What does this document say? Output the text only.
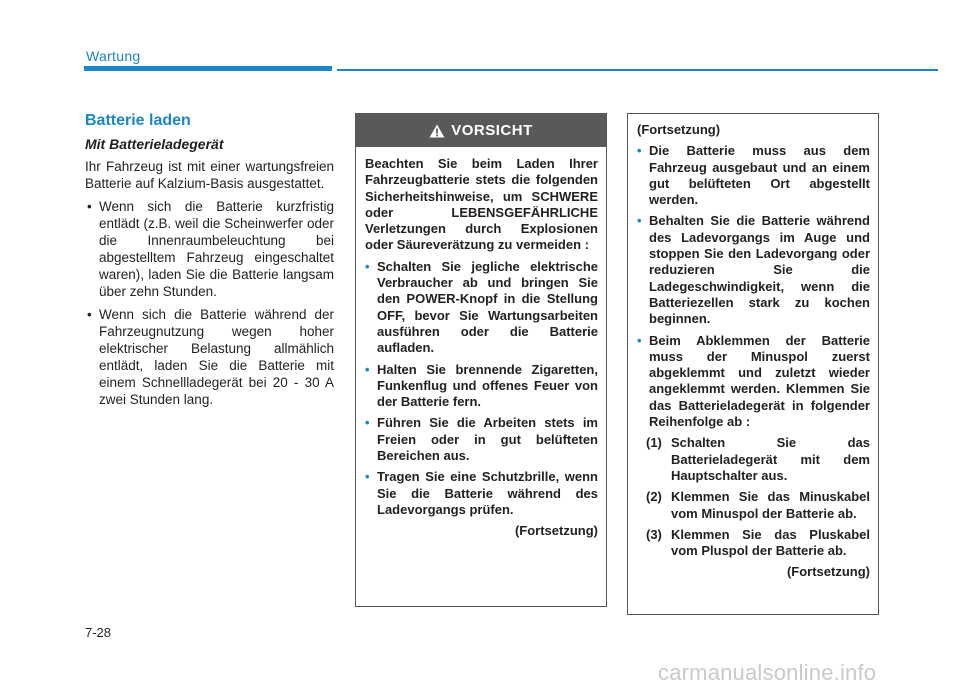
Wartung
Batterie laden
Mit Batterieladegerät

Ihr Fahrzeug ist mit einer wartungsfreien Batterie auf Kalzium-Basis ausgestattet.

• Wenn sich die Batterie kurzfristig entlädt (z.B. weil die Scheinwerfer oder die Innenraumbeleuchtung bei abgestelltem Fahrzeug eingeschaltet waren), laden Sie die Batterie langsam über zehn Stunden.
• Wenn sich die Batterie während der Fahrzeugnutzung wegen hoher elektrischer Belastung allmählich entlädt, laden Sie die Batterie mit einem Schnellladegerät bei 20 - 30 A zwei Stunden lang.
VORSICHT

Beachten Sie beim Laden Ihrer Fahrzeugbatterie stets die folgenden Sicherheitshinweise, um SCHWERE oder LEBENSGEFÄHRLICHE Verletzungen durch Explosionen oder Säureverätzung zu vermeiden :

• Schalten Sie jegliche elektrische Verbraucher ab und bringen Sie den POWER-Knopf in die Stellung OFF, bevor Sie Wartungsarbeiten ausführen oder die Batterie aufladen.
• Halten Sie brennende Zigaretten, Funkenflug und offenes Feuer von der Batterie fern.
• Führen Sie die Arbeiten stets im Freien oder in gut belüfteten Bereichen aus.
• Tragen Sie eine Schutzbrille, wenn Sie die Batterie während des Ladevorgangs prüfen.
(Fortsetzung)

(Fortsetzung)

• Die Batterie muss aus dem Fahrzeug ausgebaut und an einem gut belüfteten Ort abgestellt werden.
• Behalten Sie die Batterie während des Ladevorgangs im Auge und stoppen Sie den Ladevorgang oder reduzieren Sie die Ladegeschwindigkeit, wenn die Batteriezellen stark zu kochen beginnen.
• Beim Abklemmen der Batterie muss der Minuspol zuerst abgeklemmt und zuletzt wieder angeklemmt werden. Klemmen Sie das Batterieladegerät in folgender Reihenfolge ab :
(1) Schalten Sie das Batterieladegerät mit dem Hauptschalter aus.
(2) Klemmen Sie das Minuskabel vom Minuspol der Batterie ab.
(3) Klemmen Sie das Pluskabel vom Pluspol der Batterie ab.
(Fortsetzung)
7-28
carmanualsonline.info
